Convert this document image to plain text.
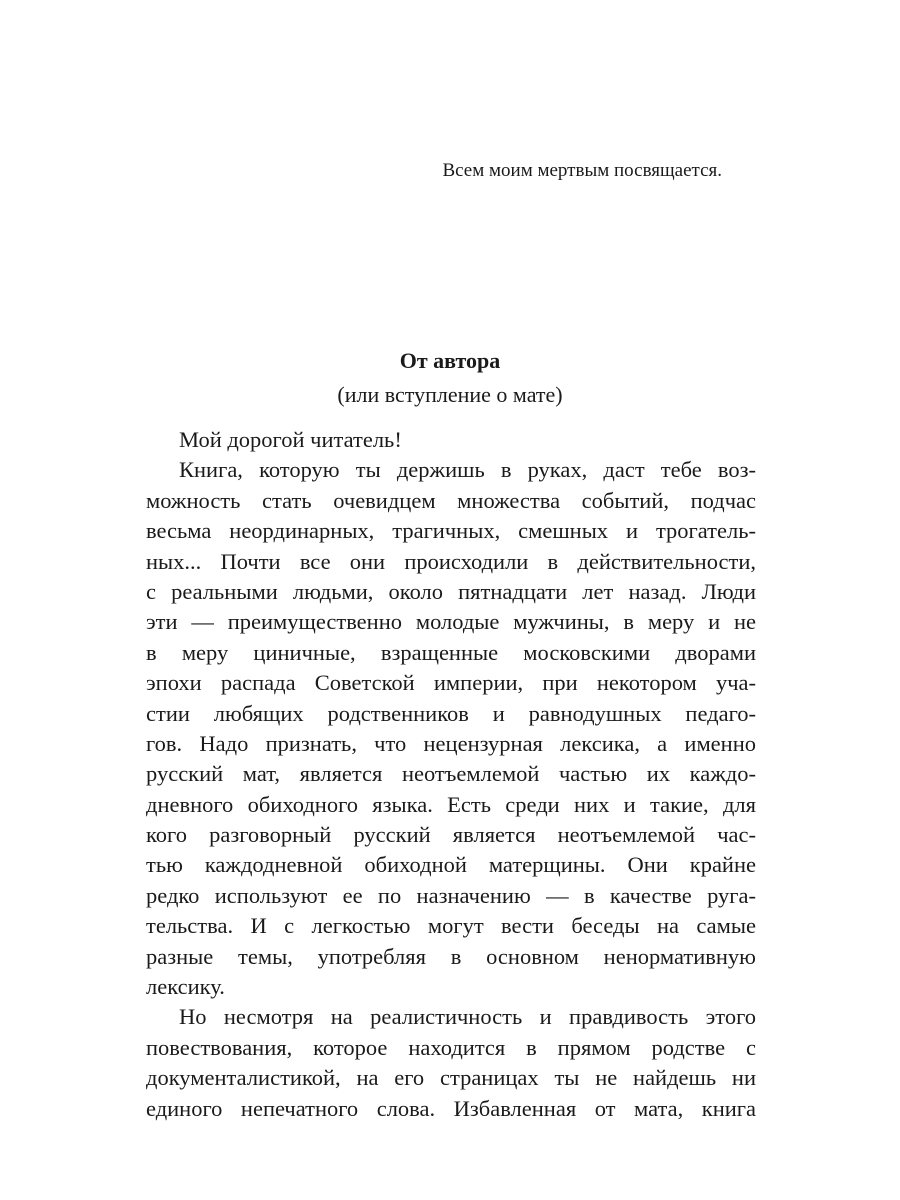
Всем моим мертвым посвящается.

От автора

(или вступление о мате)

Мой дорогой читатель!
Книга, которую ты держишь в руках, даст тебе воз-
можность стать очевидцем множества событий, подчас
весьма неординарных, трагичных, смешных и трогатель-
ных... Почти все они происходили в действительности,
с реальными людьми, около пятнадцати лет назад. Люди
эти — преимущественно молодые мужчины, в меру и не
в меру циничные, взращенные московскими дворами
эпохи распада Советской империи, при некотором уча-
стии любящих родственников и равнодушных педаго-
гов. Надо признать, что нецензурная лексика, а именно
русский мат, является неотъемлемой частью их каждо-
дневного обиходного языка. Есть среди них и такие, для
кого разговорный русский является неотъемлемой час-
тью каждодневной обиходной матерщины. Они крайне
редко используют ее по назначению — в качестве руга-
тельства. И с легкостью могут вести беседы на самые
разные темы, употребляя в основном ненормативную
лексику.
Но несмотря на реалистичность и правдивость этого
повествования, которое находится в прямом родстве с
документалистикой, на его страницах ты не найдешь ни
единого непечатного слова. Избавленная от мата, книга
